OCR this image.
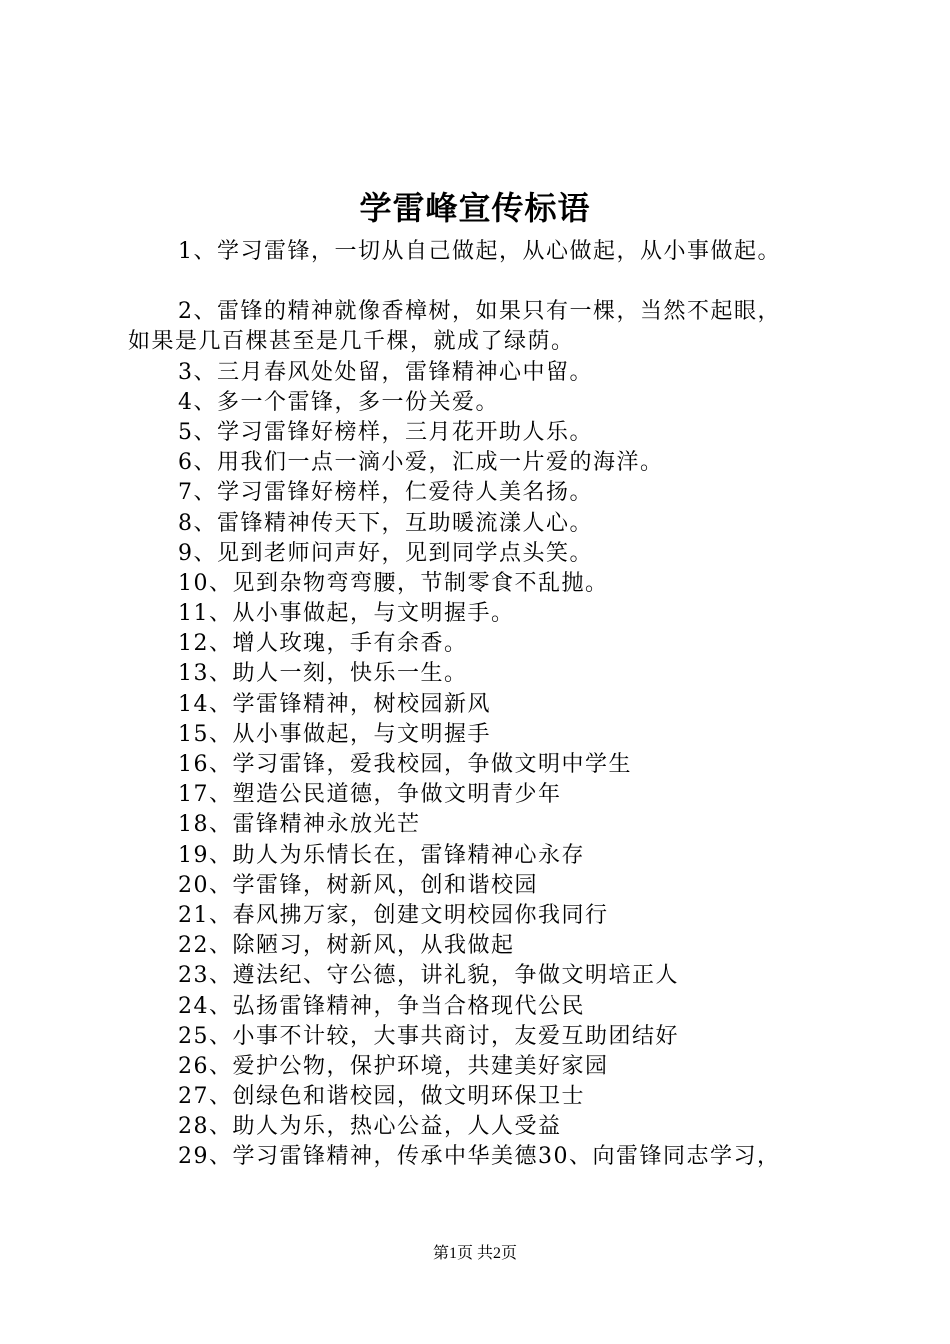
学雷峰宣传标语
1、学习雷锋，一切从自己做起，从心做起，从小事做起。
2、雷锋的精神就像香樟树，如果只有一棵，当然不起眼，
如果是几百棵甚至是几千棵，就成了绿荫。
3、三月春风处处留，雷锋精神心中留。
4、多一个雷锋，多一份关爱。
5、学习雷锋好榜样，三月花开助人乐。
6、用我们一点一滴小爱，汇成一片爱的海洋。
7、学习雷锋好榜样，仁爱待人美名扬。
8、雷锋精神传天下，互助暖流漾人心。
9、见到老师问声好，见到同学点头笑。
10、见到杂物弯弯腰，节制零食不乱抛。
11、从小事做起，与文明握手。
12、增人玫瑰，手有余香。
13、助人一刻，快乐一生。
14、学雷锋精神，树校园新风
15、从小事做起，与文明握手
16、学习雷锋，爱我校园，争做文明中学生
17、塑造公民道德，争做文明青少年
18、雷锋精神永放光芒
19、助人为乐情长在，雷锋精神心永存
20、学雷锋，树新风，创和谐校园
21、春风拂万家，创建文明校园你我同行
22、除陋习，树新风，从我做起
23、遵法纪、守公德，讲礼貌，争做文明培正人
24、弘扬雷锋精神，争当合格现代公民
25、小事不计较，大事共商讨，友爱互助团结好
26、爱护公物，保护环境，共建美好家园
27、创绿色和谐校园，做文明环保卫士
28、助人为乐，热心公益，人人受益
29、学习雷锋精神，传承中华美德30、向雷锋同志学习，
第1页 共2页
